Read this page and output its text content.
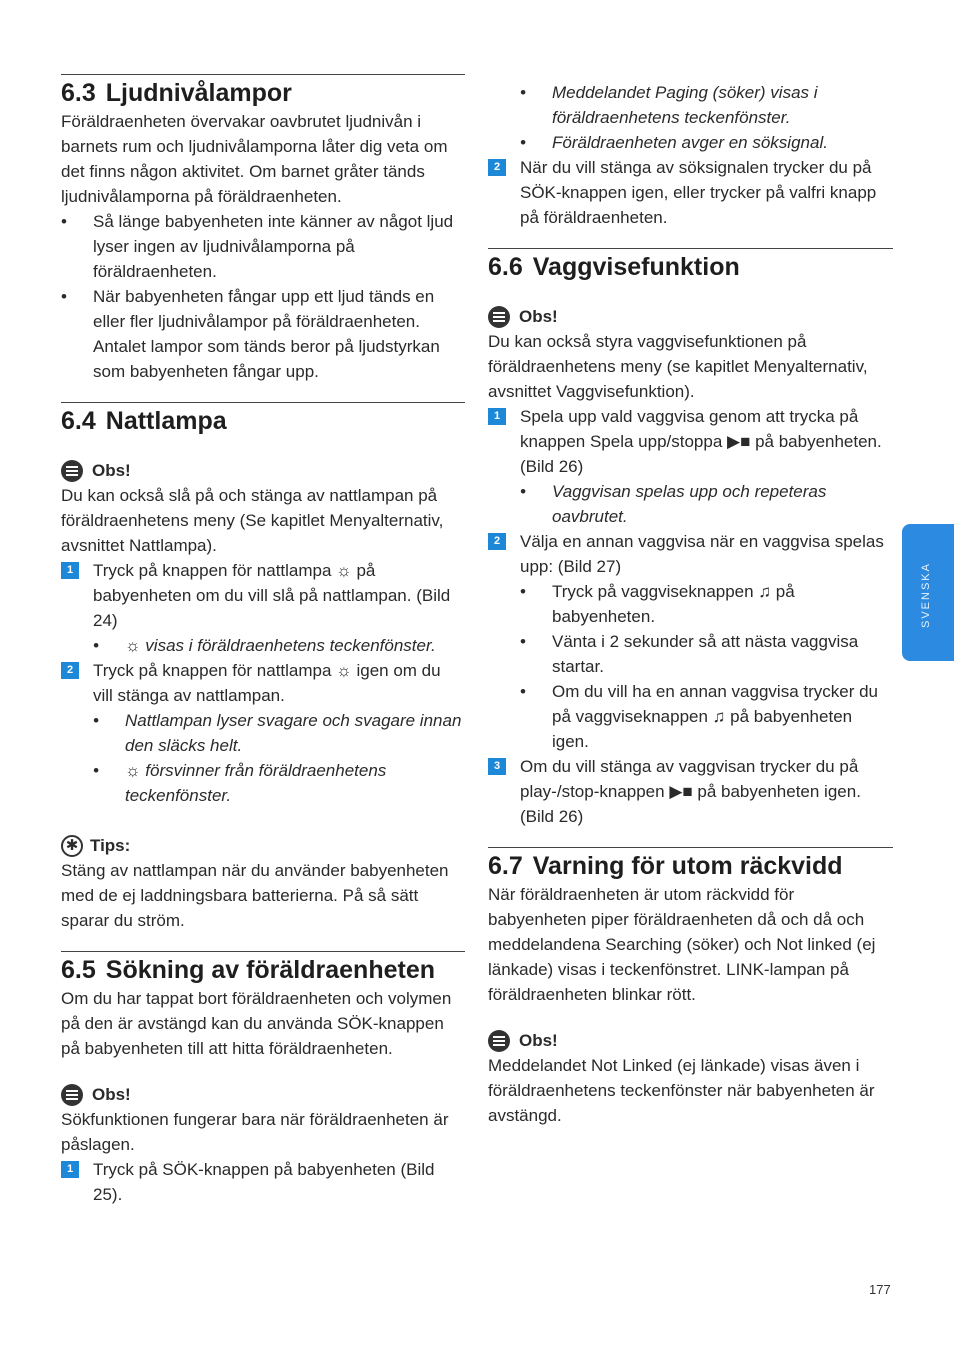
6.3 Ljudnivålampor

Föräldraenheten övervakar oavbrutet ljudnivån i barnets rum och ljudnivålamporna låter dig veta om det finns någon aktivitet. Om barnet gråter tänds ljudnivålamporna på föräldraenheten.

• Så länge babyenheten inte känner av något ljud lyser ingen av ljudnivålamporna på föräldraenheten.
• När babyenheten fångar upp ett ljud tänds en eller fler ljudnivålampor på föräldraenheten. Antalet lampor som tänds beror på ljudstyrkan som babyenheten fångar upp.
6.4 Nattlampa
Obs!

Du kan också slå på och stänga av nattlampan på föräldraenhetens meny (Se kapitlet Menyalternativ, avsnittet Nattlampa).

1	Tryck på knappen för nattlampa ☼ på babyenheten om du vill slå på nattlampan. (Bild 24)
• ☼ visas i föräldraenhetens teckenfönster.
2	Tryck på knappen för nattlampa ☼ igen om du vill stänga av nattlampan.
• Nattlampan lyser svagare och svagare innan den släcks helt.
• ☼ försvinner från föräldraenhetens teckenfönster.
✱ Tips:

Stäng av nattlampan när du använder babyenheten med de ej laddningsbara batterierna. På så sätt sparar du ström.

6.5 Sökning av föräldraenheten

Om du har tappat bort föräldraenheten och volymen på den är avstängd kan du använda SÖK-knappen på babyenheten till att hitta föräldraenheten.

Obs!

Sökfunktionen fungerar bara när föräldraenheten är påslagen.

1	Tryck på SÖK-knappen på babyenheten (Bild 25).
• Meddelandet Paging (söker) visas i föräldraenhetens teckenfönster.
• Föräldraenheten avger en söksignal.
2	När du vill stänga av söksignalen trycker du på SÖK-knappen igen, eller trycker på valfri knapp på föräldraenheten.
6.6 Vaggvisefunktion
Obs!

Du kan också styra vaggvisefunktionen på föräldraenhetens meny (se kapitlet Menyalternativ, avsnittet Vaggvisefunktion).

1	Spela upp vald vaggvisa genom att trycka på knappen Spela upp/stoppa ▶■ på babyenheten. (Bild 26)
• Vaggvisan spelas upp och repeteras oavbrutet.
2	Välja en annan vaggvisa när en vaggvisa spelas upp: (Bild 27)
• Tryck på vaggviseknappen ♫ på babyenheten.
• Vänta i 2 sekunder så att nästa vaggvisa startar.
• Om du vill ha en annan vaggvisa trycker du på vaggviseknappen ♫ på babyenheten igen.
3	Om du vill stänga av vaggvisan trycker du på play-/stop-knappen ▶■ på babyenheten igen. (Bild 26)
6.7 Varning för utom räckvidd

När föräldraenheten är utom räckvidd för babyenheten piper föräldraenheten då och då och meddelandena Searching (söker) och Not linked (ej länkade) visas i teckenfönstret. LINK-lampan på föräldraenheten blinkar rött.

Obs!

Meddelandet Not Linked (ej länkade) visas även i föräldraenhetens teckenfönster när babyenheten är avstängd.

SVENSKA
177
